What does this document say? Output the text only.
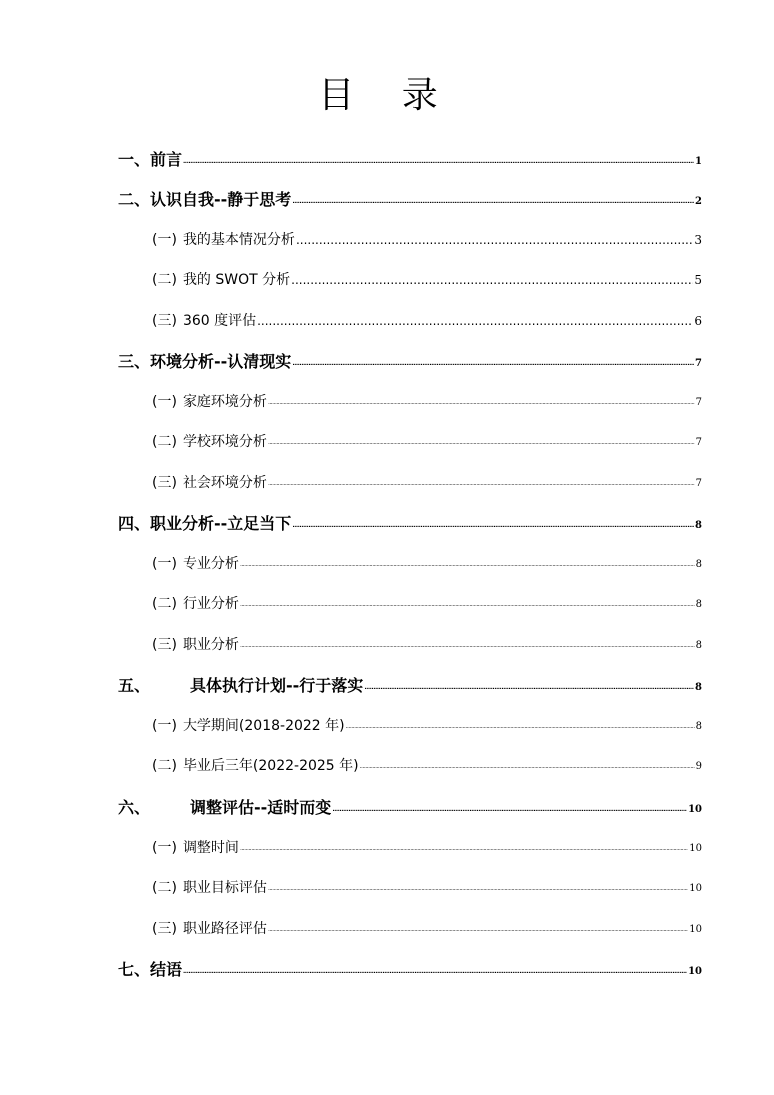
目 录
一、前言 .....	1
二、认识自我--静于思考 .....	2
(一) 我的基本情况分析 .....	3
(二) 我的 SWOT 分析 .....	5
(三) 360 度评估 .....	6
三、环境分析--认清现实 .....	7
(一) 家庭环境分析 .....	7
(二) 学校环境分析 .....	7
(三) 社会环境分析 .....	7
四、职业分析--立足当下 .....	8
(一) 专业分析 .....	8
(二) 行业分析 .....	8
(三) 职业分析 .....	8
五、	具体执行计划--行于落实 .....	8
(一) 大学期间(2018-2022 年) .....	8
(二) 毕业后三年(2022-2025 年) .....	9
六、	调整评估--适时而变 .....	10
(一) 调整时间 .....	10
(二) 职业目标评估 .....	10
(三) 职业路径评估 .....	10
七、结语 .....	10
